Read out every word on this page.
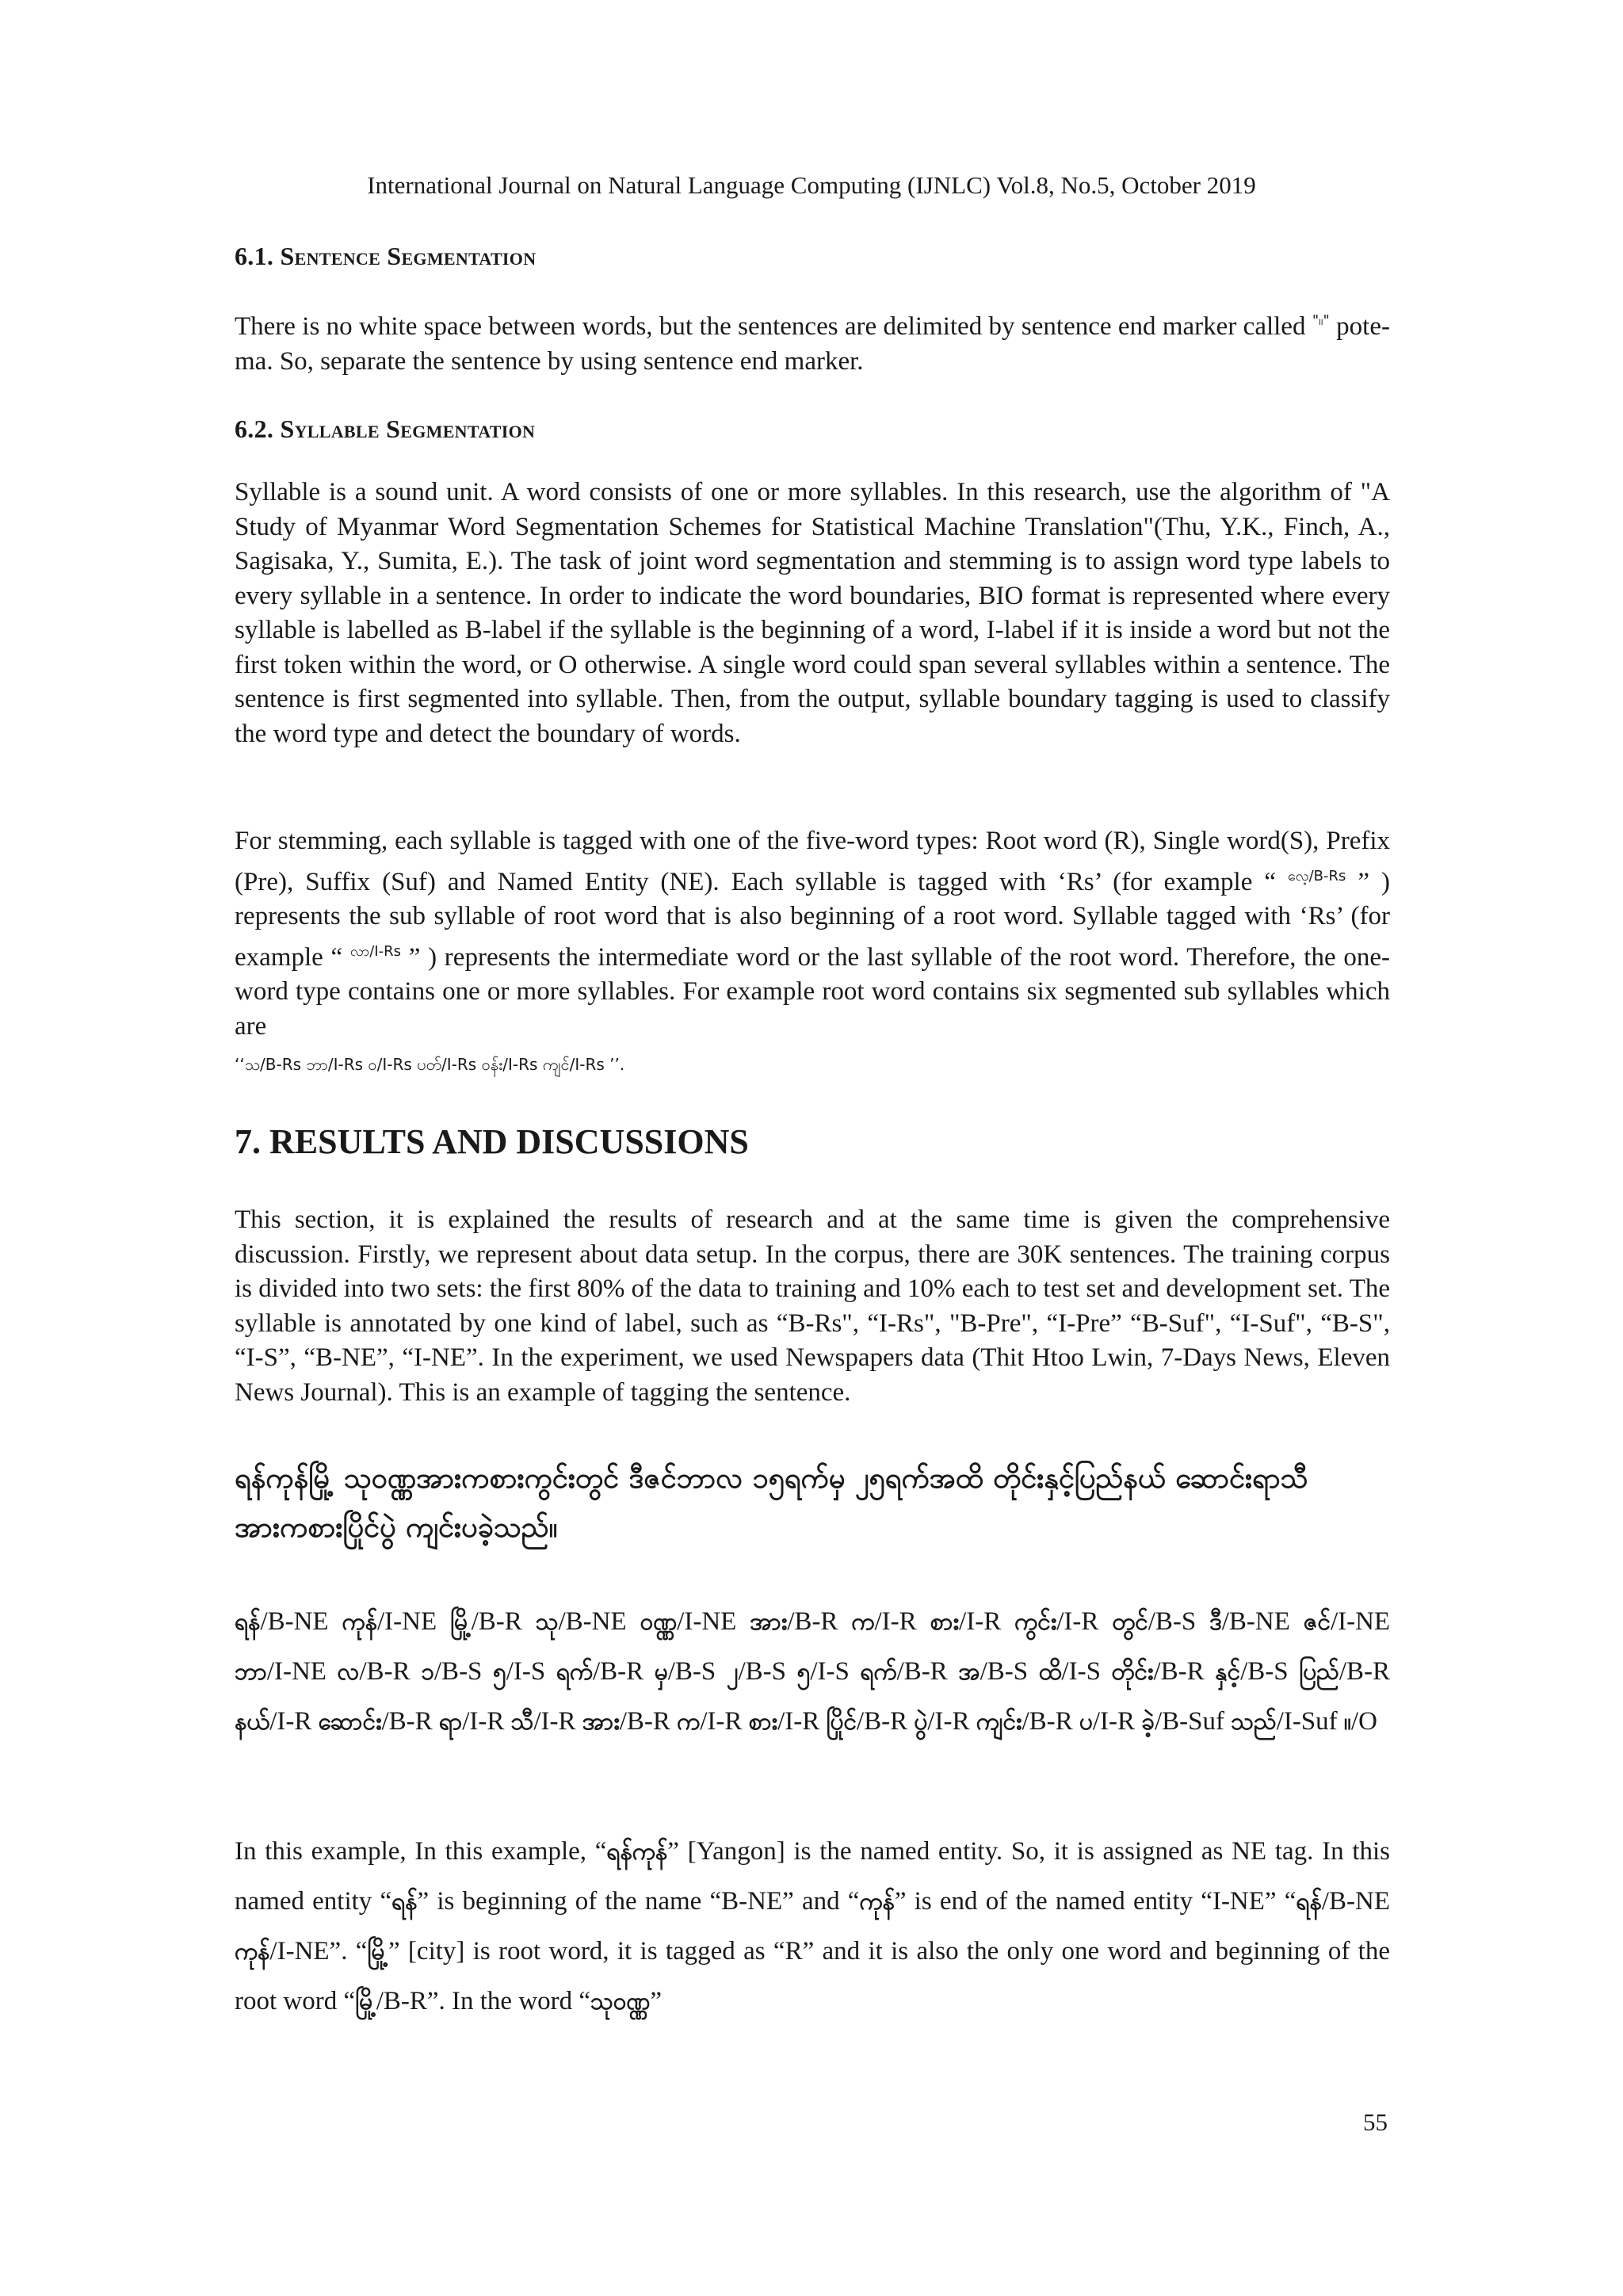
International Journal on Natural Language Computing (IJNLC) Vol.8, No.5, October 2019
6.1. Sentence Segmentation
There is no white space between words, but the sentences are delimited by sentence end marker called "။" pote-ma. So, separate the sentence by using sentence end marker.
6.2. Syllable Segmentation
Syllable is a sound unit. A word consists of one or more syllables. In this research, use the algorithm of "A Study of Myanmar Word Segmentation Schemes for Statistical Machine Translation"(Thu, Y.K., Finch, A., Sagisaka, Y., Sumita, E.). The task of joint word segmentation and stemming is to assign word type labels to every syllable in a sentence. In order to indicate the word boundaries, BIO format is represented where every syllable is labelled as B-label if the syllable is the beginning of a word, I-label if it is inside a word but not the first token within the word, or O otherwise. A single word could span several syllables within a sentence. The sentence is first segmented into syllable. Then, from the output, syllable boundary tagging is used to classify the word type and detect the boundary of words.
For stemming, each syllable is tagged with one of the five-word types: Root word (R), Single word(S), Prefix (Pre), Suffix (Suf) and Named Entity (NE). Each syllable is tagged with ‘Rs’ (for example “ $^{လေ့/B-Rs}$ ” ) represents the sub syllable of root word that is also beginning of a root word. Syllable tagged with ‘Rs’ (for example “ $^{လာ/I-Rs}$ ” ) represents the intermediate word or the last syllable of the root word. Therefore, the one-word type contains one or more syllables. For example root word contains six segmented sub syllables which are
‘‘သ/B-Rs ဘာ/I-Rs ဝ/I-Rs ပတ်/I-Rs ဝန်း/I-Rs ကျင်/I-Rs ’’.
7. RESULTS AND DISCUSSIONS
This section, it is explained the results of research and at the same time is given the comprehensive discussion. Firstly, we represent about data setup. In the corpus, there are 30K sentences. The training corpus is divided into two sets: the first 80% of the data to training and 10% each to test set and development set. The syllable is annotated by one kind of label, such as “B-Rs", “I-Rs", "B-Pre", “I-Pre” “B-Suf", “I-Suf", “B-S", “I-S”, “B-NE”, “I-NE”. In the experiment, we used Newspapers data (Thit Htoo Lwin, 7-Days News, Eleven News Journal). This is an example of tagging the sentence.
ရန်ကုန်မြို့ သုဝဏ္ဏအားကစားကွင်းတွင် ဒီဇင်ဘာလ ၁၅ရက်မှ ၂၅ရက်အထိ တိုင်းနှင့်ပြည်နယ် ဆောင်းရာသီ အားကစားပြိုင်ပွဲ ကျင်းပခဲ့သည်။
ရန်/B-NE ကုန်/I-NE မြို့/B-R သု/B-NE ဝဏ္ဏ/I-NE အား/B-R က/I-R စား/I-R ကွင်း/I-R တွင်/B-S ဒီ/B-NE ဇင်/I-NE ဘာ/I-NE လ/B-R ၁/B-S ၅/I-S ရက်/B-R မှ/B-S ၂/B-S ၅/I-S ရက်/B-R အ/B-S ထိ/I-S တိုင်း/B-R နှင့်/B-S ပြည်/B-R နယ်/I-R ဆောင်း/B-R ရာ/I-R သီ/I-R အား/B-R က/I-R စား/I-R ပြိုင်/B-R ပွဲ/I-R ကျင်း/B-R ပ/I-R ခဲ့/B-Suf သည်/I-Suf ။/O
In this example, In this example, “ရန်ကုန်” [Yangon] is the named entity. So, it is assigned as NE tag. In this named entity “ရန်” is beginning of the name “B-NE” and “ကုန်” is end of the named entity “I-NE” “ရန်/B-NE ကုန်/I-NE”. “မြို့” [city] is root word, it is tagged as “R” and it is also the only one word and beginning of the root word “မြို့/B-R”. In the word “သုဝဏ္ဏ”
55
